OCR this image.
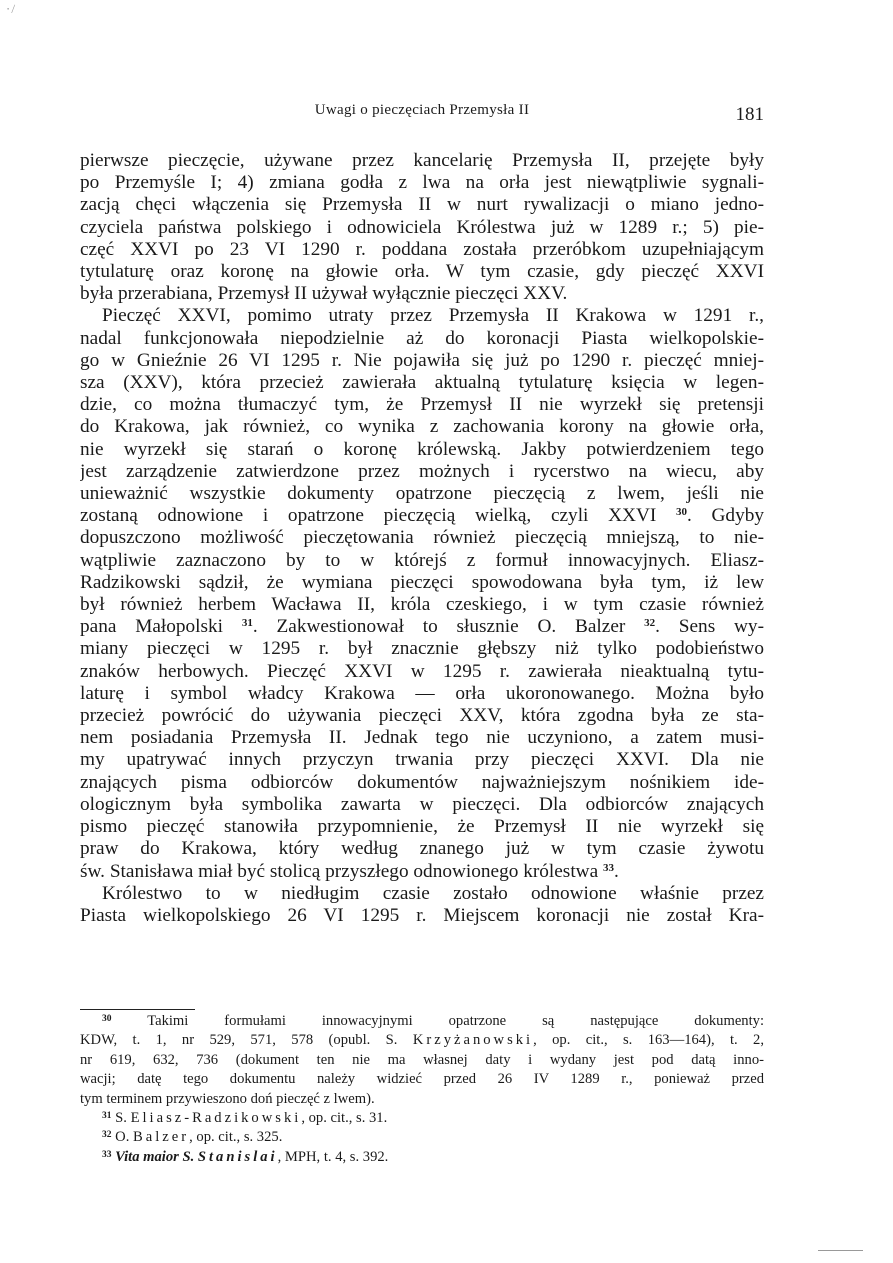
⋅ ̸
Uwagi o pieczęciach Przemysła II	181

pierwsze pieczęcie, używane przez kancelarię Przemysła II, przejęte były
po Przemyśle I; 4) zmiana godła z lwa na orła jest niewątpliwie sygnali-
zacją chęci włączenia się Przemysła II w nurt rywalizacji o miano jedno-
czyciela państwa polskiego i odnowiciela Królestwa już w 1289 r.; 5) pie-
częć XXVI po 23 VI 1290 r. poddana została przeróbkom uzupełniającym
tytulaturę oraz koronę na głowie orła. W tym czasie, gdy pieczęć XXVI
była przerabiana, Przemysł II używał wyłącznie pieczęci XXV.

Pieczęć XXVI, pomimo utraty przez Przemysła II Krakowa w 1291 r.,
nadal funkcjonowała niepodzielnie aż do koronacji Piasta wielkopolskie-
go w Gnieźnie 26 VI 1295 r. Nie pojawiła się już po 1290 r. pieczęć mniej-
sza (XXV), która przecież zawierała aktualną tytulaturę księcia w legen-
dzie, co można tłumaczyć tym, że Przemysł II nie wyrzekł się pretensji
do Krakowa, jak również, co wynika z zachowania korony na głowie orła,
nie wyrzekł się starań o koronę królewską. Jakby potwierdzeniem tego
jest zarządzenie zatwierdzone przez możnych i rycerstwo na wiecu, aby
unieważnić wszystkie dokumenty opatrzone pieczęcią z lwem, jeśli nie
zostaną odnowione i opatrzone pieczęcią wielką, czyli XXVI $^{30}$. Gdyby
dopuszczono możliwość pieczętowania również pieczęcią mniejszą, to nie-
wątpliwie zaznaczono by to w którejś z formuł innowacyjnych. Eliasz-
Radzikowski sądził, że wymiana pieczęci spowodowana była tym, iż lew
był również herbem Wacława II, króla czeskiego, i w tym czasie również
pana Małopolski $^{31}$. Zakwestionował to słusznie O. Balzer $^{32}$. Sens wy-
miany pieczęci w 1295 r. był znacznie głębszy niż tylko podobieństwo
znaków herbowych. Pieczęć XXVI w 1295 r. zawierała nieaktualną tytu-
laturę i symbol władcy Krakowa — orła ukoronowanego. Można było
przecież powrócić do używania pieczęci XXV, która zgodna była ze sta-
nem posiadania Przemysła II. Jednak tego nie uczyniono, a zatem musi-
my upatrywać innych przyczyn trwania przy pieczęci XXVI. Dla nie
znających pisma odbiorców dokumentów najważniejszym nośnikiem ide-
ologicznym była symbolika zawarta w pieczęci. Dla odbiorców znających
pismo pieczęć stanowiła przypomnienie, że Przemysł II nie wyrzekł się
praw do Krakowa, który według znanego już w tym czasie żywotu
św. Stanisława miał być stolicą przyszłego odnowionego królestwa $^{33}$.

Królestwo to w niedługim czasie zostało odnowione właśnie przez
Piasta wielkopolskiego 26 VI 1295 r. Miejscem koronacji nie został Kra-

$^{30}$ Takimi formułami innowacyjnymi opatrzone są następujące dokumenty:
KDW, t. 1, nr 529, 571, 578 (opubl. S. Krzyżanowski, op. cit., s. 163—164), t. 2,
nr 619, 632, 736 (dokument ten nie ma własnej daty i wydany jest pod datą inno-
wacji; datę tego dokumentu należy widzieć przed 26 IV 1289 r., ponieważ przed
tym terminem przywieszono doń pieczęć z lwem).
$^{31}$ S. Eliasz-Radzikowski, op. cit., s. 31.
$^{32}$ O. Balzer, op. cit., s. 325.
$^{33}$ Vita maior S. Stanislai, MPH, t. 4, s. 392.
